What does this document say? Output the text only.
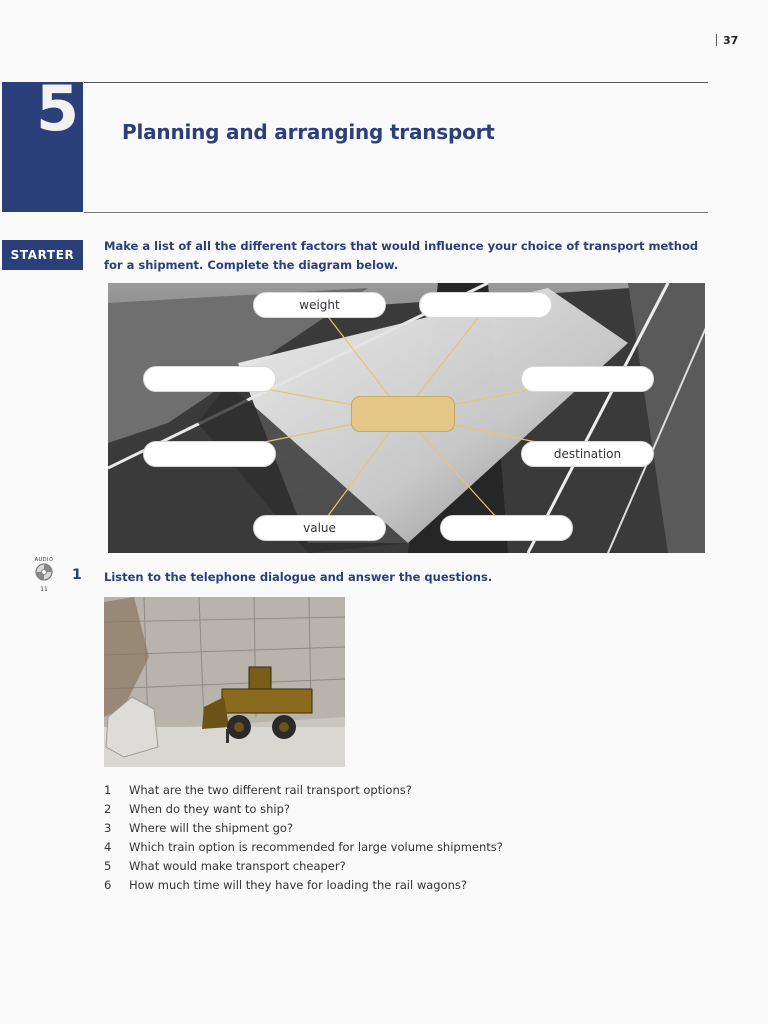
37
5 Planning and arranging transport
STARTER
Make a list of all the different factors that would influence your choice of transport method for a shipment. Complete the diagram below.
weight
destination
value
AUDIO
11
1 Listen to the telephone dialogue and answer the questions.
1	What are the two different rail transport options?
2	When do they want to ship?
3	Where will the shipment go?
4	Which train option is recommended for large volume shipments?
5	What would make transport cheaper?
6	How much time will they have for loading the rail wagons?
